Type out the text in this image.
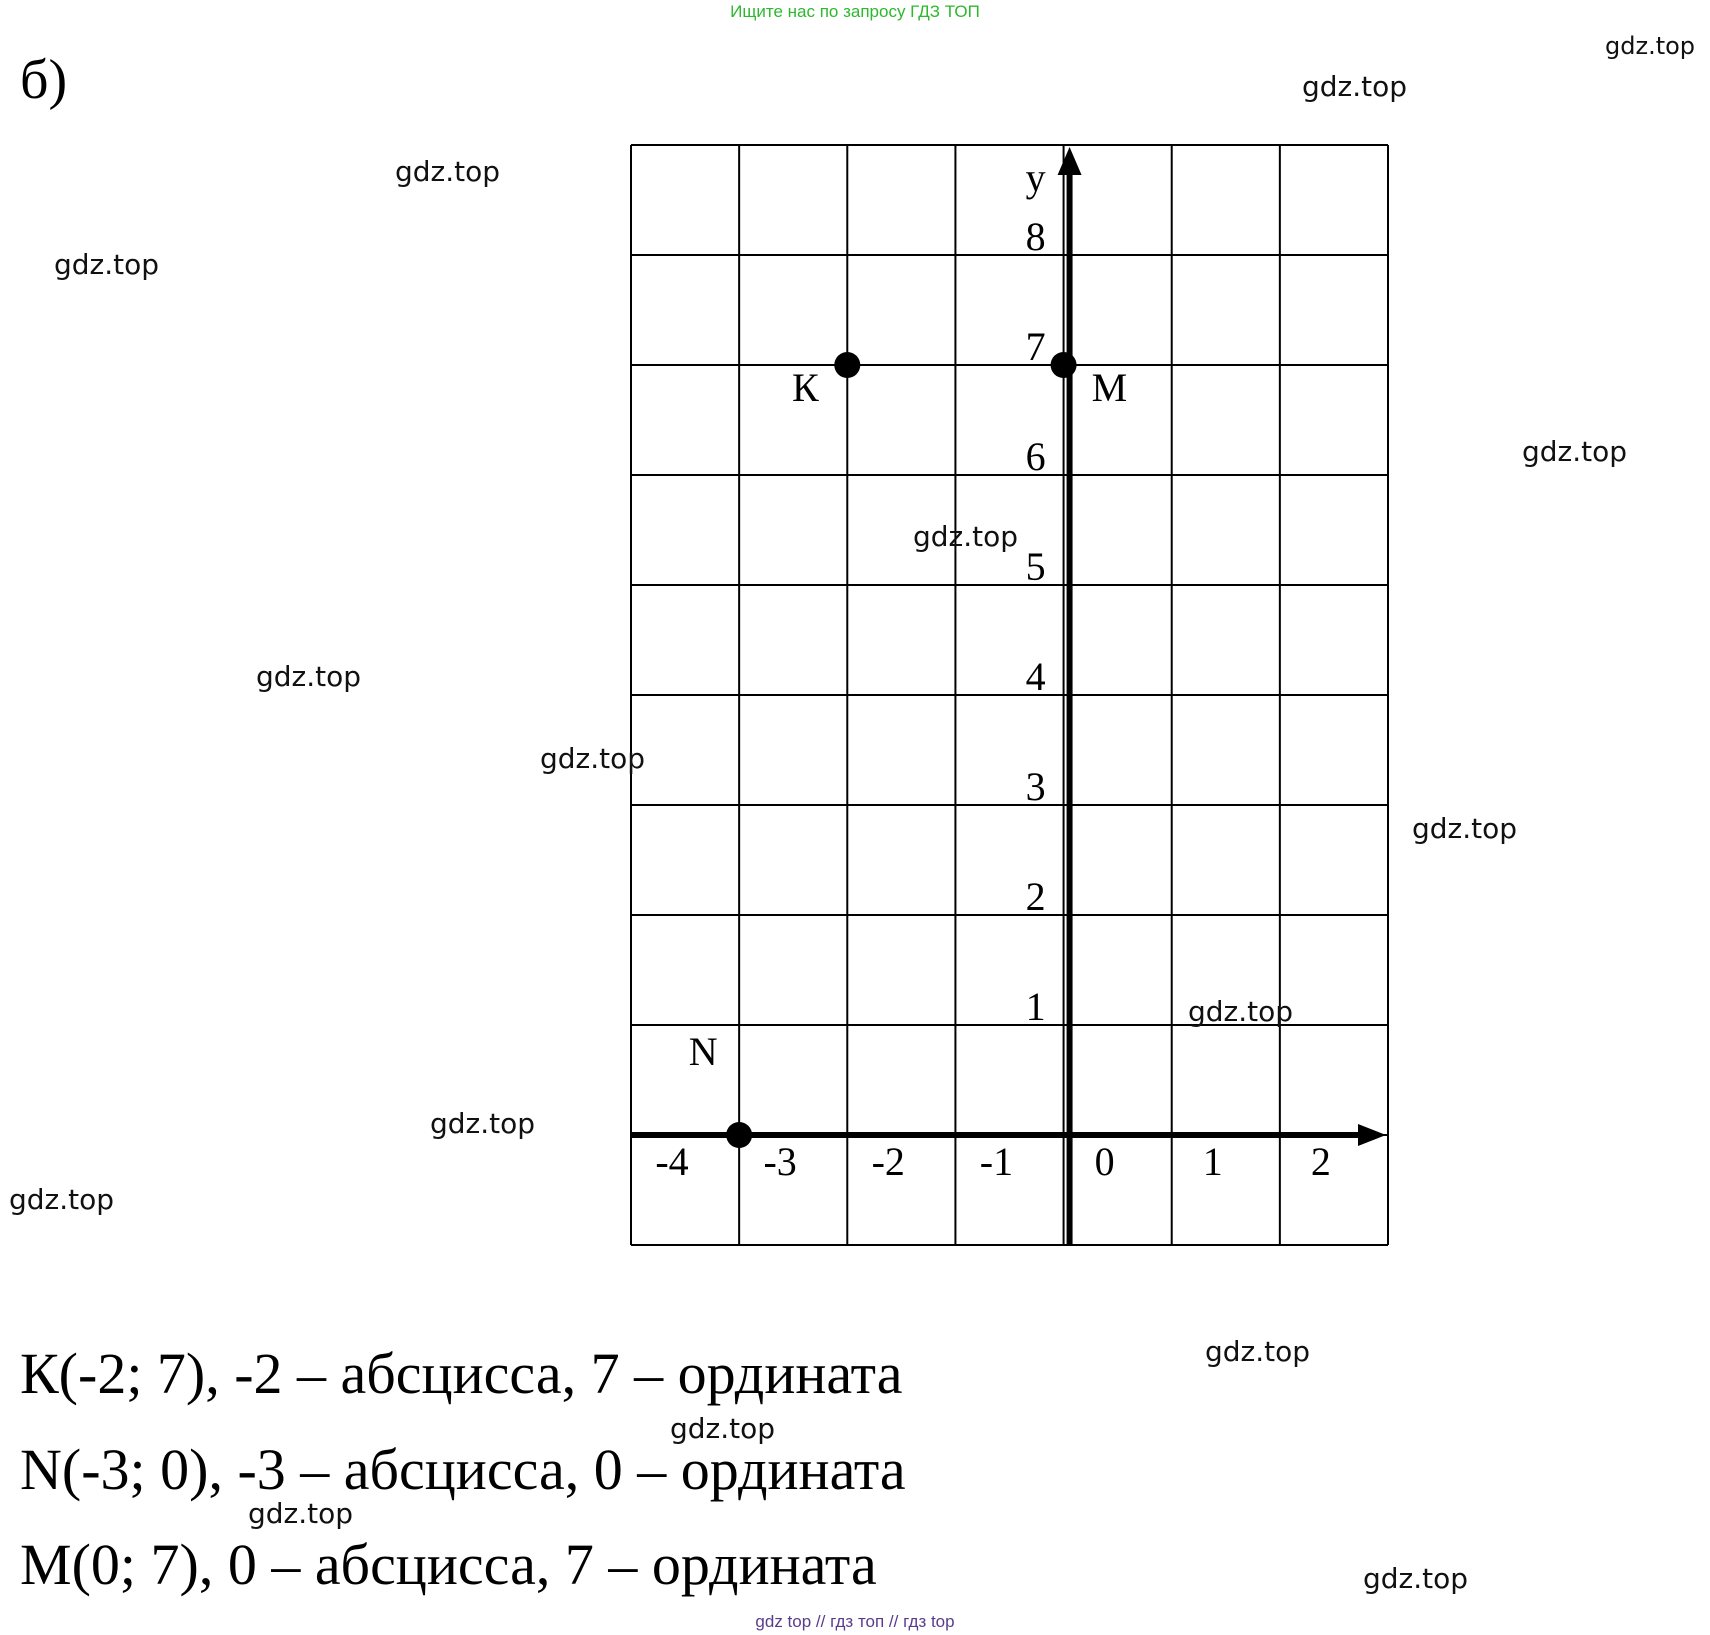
Ищите нас по запросу ГДЗ ТОП
б)
y
-4 -3 -2 -1 0 1 2
1
2
3
4
5
6
7
8
К	М
N
К(-2; 7), -2 – абсцисса, 7 – ордината
N(-3; 0), -3 – абсцисса, 0 – ордината
М(0; 7), 0 – абсцисса, 7 – ордината
gdz.top
gdz.top
gdz.top
gdz.top
gdz.top
gdz.top
gdz.top
gdz.top
gdz.top
gdz.top
gdz.top
gdz.top
gdz.top
gdz.top
gdz.top
gdz.top
gdz top // гдз топ // гдз top
